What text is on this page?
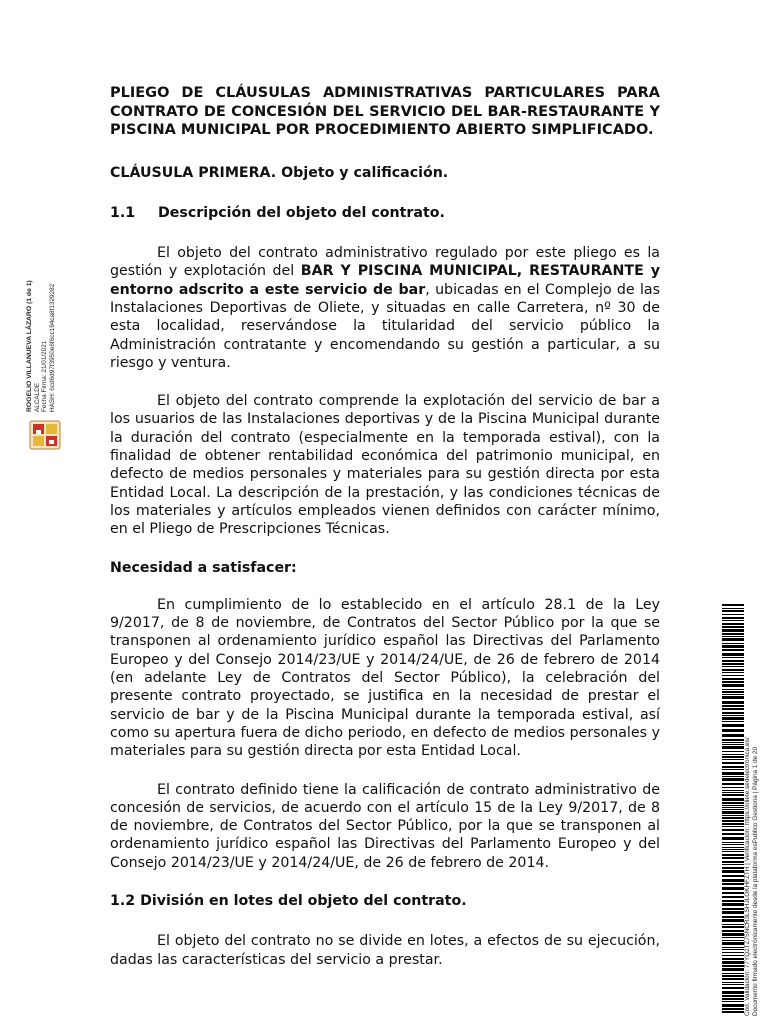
ROGELIO VILLANUEVA LÁZARO (1 de 1) ALCALDE Fecha Firma: 21/01/2021 HASH: 6cd6d97f3950e6f6cc194ca8f1329282
PLIEGO DE CLÁUSULAS ADMINISTRATIVAS PARTICULARES PARA CONTRATO DE CONCESIÓN DEL SERVICIO DEL BAR-RESTAURANTE Y PISCINA MUNICIPAL POR PROCEDIMIENTO ABIERTO SIMPLIFICADO.
CLÁUSULA PRIMERA. Objeto y calificación.
1.1	Descripción del objeto del contrato.

El objeto del contrato administrativo regulado por este pliego es la gestión y explotación del BAR Y PISCINA MUNICIPAL, RESTAURANTE y entorno adscrito a este servicio de bar, ubicadas en el Complejo de las Instalaciones Deportivas de Oliete, y situadas en calle Carretera, nº 30 de esta localidad, reservándose la titularidad del servicio público la Administración contratante y encomendando su gestión a particular, a su riesgo y ventura.

El objeto del contrato comprende la explotación del servicio de bar a los usuarios de las Instalaciones deportivas y de la Piscina Municipal durante la duración del contrato (especialmente en la temporada estival), con la finalidad de obtener rentabilidad económica del patrimonio municipal, en defecto de medios personales y materiales para su gestión directa por esta Entidad Local. La descripción de la prestación, y las condiciones técnicas de los materiales y artículos empleados vienen definidos con carácter mínimo, en el Pliego de Prescripciones Técnicas.

Necesidad a satisfacer:

En cumplimiento de lo establecido en el artículo 28.1 de la Ley 9/2017, de 8 de noviembre, de Contratos del Sector Público por la que se transponen al ordenamiento jurídico español las Directivas del Parlamento Europeo y del Consejo 2014/23/UE y 2014/24/UE, de 26 de febrero de 2014 (en adelante Ley de Contratos del Sector Público), la celebración del presente contrato proyectado, se justifica en la necesidad de prestar el servicio de bar y de la Piscina Municipal durante la temporada estival, así como su apertura fuera de dicho periodo, en defecto de medios personales y materiales para su gestión directa por esta Entidad Local.

El contrato definido tiene la calificación de contrato administrativo de concesión de servicios, de acuerdo con el artículo 15 de la Ley 9/2017, de 8 de noviembre, de Contratos del Sector Público, por la que se transponen al ordenamiento jurídico español las Directivas del Parlamento Europeo y del Consejo 2014/23/UE y 2014/24/UE, de 26 de febrero de 2014.

1.2 División en lotes del objeto del contrato.

El objeto del contrato no se divide en lotes, a efectos de su ejecución, dadas las características del servicio a prestar.	Cód. Validación: 77YQ2TZ75NCR3LSHJLOKHFZTH | Verificación: https://oliete.sedelectronica.es/ Documento firmado electrónicamente desde la plataforma esPublico Gestiona | Página 1 de 20
